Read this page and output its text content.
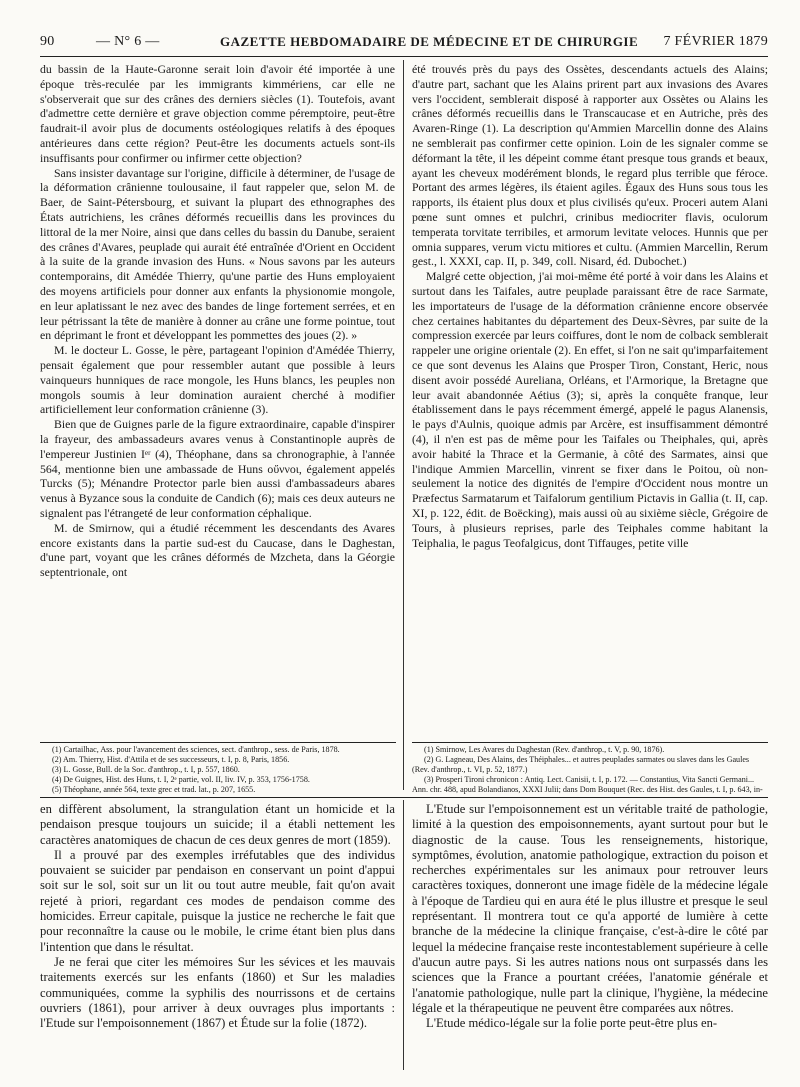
90	— N° 6 —	GAZETTE HEBDOMADAIRE DE MÉDECINE ET DE CHIRURGIE 7 FÉVRIER 1879

du bassin de la Haute-Garonne serait loin d'avoir été importée à une époque très-reculée par les immigrants kimmériens, car elle ne s'observerait que sur des crânes des derniers siècles (1). Toutefois, avant d'admettre cette dernière et grave objection comme péremptoire, peut-être faudrait-il avoir plus de documents ostéologiques relatifs à des époques antérieures dans cette région? Peut-être les documents actuels sont-ils insuffisants pour confirmer ou infirmer cette objection?

Sans insister davantage sur l'origine, difficile à déterminer, de l'usage de la déformation crânienne toulousaine, il faut rappeler que, selon M. de Baer, de Saint-Pétersbourg, et suivant la plupart des ethnographes des États autrichiens, les crânes déformés recueillis dans les provinces du littoral de la mer Noire, ainsi que dans celles du bassin du Danube, seraient des crânes d'Avares, peuplade qui aurait été entraînée d'Orient en Occident à la suite de la grande invasion des Huns. « Nous savons par les auteurs contemporains, dit Amédée Thierry, qu'une partie des Huns employaient des moyens artificiels pour donner aux enfants la physionomie mongole, en leur aplatissant le nez avec des bandes de linge fortement serrées, et en leur pétrissant la tête de manière à donner au crâne une forme pointue, tout en déprimant le front et développant les pommettes des joues (2). »

M. le docteur L. Gosse, le père, partageant l'opinion d'Amédée Thierry, pensait également que pour ressembler autant que possible à leurs vainqueurs hunniques de race mongole, les Huns blancs, les peuples non mongols soumis à leur domination auraient cherché à modifier artificiellement leur conformation crânienne (3).

Bien que de Guignes parle de la figure extraordinaire, capable d'inspirer la frayeur, des ambassadeurs avares venus à Constantinople auprès de l'empereur Justinien Iᵉʳ (4), Théophane, dans sa chronographie, à l'année 564, mentionne bien une ambassade de Huns οὔννοι, également appelés Turcks (5); Ménandre Protector parle bien aussi d'ambassadeurs abares venus à Byzance sous la conduite de Candich (6); mais ces deux auteurs ne signalent pas l'étrangeté de leur conformation céphalique.

M. de Smirnow, qui a étudié récemment les descendants des Avares encore existants dans la partie sud-est du Caucase, dans le Daghestan, d'une part, voyant que les crânes déformés de Mzcheta, dans la Géorgie septentrionale, ont

(1) Cartailhac, Ass. pour l'avancement des sciences, sect. d'anthrop., sess. de Paris, 1878.
(2) Am. Thierry, Hist. d'Attila et de ses successeurs, t. I, p. 8, Paris, 1856.
(3) L. Gosse, Bull. de la Soc. d'anthrop., t. I, p. 557, 1860.
(4) De Guignes, Hist. des Huns, t. I, 2ᵉ partie, vol. II, liv. IV, p. 353, 1756-1758.
(5) Théophane, année 564, texte grec et trad. lat., p. 207, 1655.

été trouvés près du pays des Ossètes, descendants actuels des Alains; d'autre part, sachant que les Alains prirent part aux invasions des Avares vers l'occident, semblerait disposé à rapporter aux Ossètes ou Alains les crânes déformés recueillis dans le Transcaucase et en Autriche, près des Avaren-Ringe (1). La description qu'Ammien Marcellin donne des Alains ne semblerait pas confirmer cette opinion. Loin de les signaler comme se déformant la tête, il les dépeint comme étant presque tous grands et beaux, ayant les cheveux modérément blonds, le regard plus terrible que féroce. Portant des armes légères, ils étaient agiles. Égaux des Huns sous tous les rapports, ils étaient plus doux et plus civilisés qu'eux. Proceri autem Alani pœne sunt omnes et pulchri, crinibus mediocriter flavis, oculorum temperata torvitate terribiles, et armorum levitate veloces. Hunnis que per omnia suppares, verum victu mitiores et cultu. (Ammien Marcellin, Rerum gest., l. XXXI, cap. II, p. 349, coll. Nisard, éd. Dubochet.)

Malgré cette objection, j'ai moi-même été porté à voir dans les Alains et surtout dans les Taifales, autre peuplade paraissant être de race Sarmate, les importateurs de l'usage de la déformation crânienne encore observée chez certaines habitantes du département des Deux-Sèvres, par suite de la compression exercée par leurs coiffures, dont le nom de colback semblerait rappeler une origine orientale (2). En effet, si l'on ne sait qu'imparfaitement ce que sont devenus les Alains que Prosper Tiron, Constant, Heric, nous disent avoir possédé Aureliana, Orléans, et l'Armorique, la Bretagne que leur avait abandonnée Aétius (3); si, après la conquête franque, leur établissement dans le pays récemment émergé, appelé le pagus Alanensis, le pays d'Aulnis, quoique admis par Arcère, est insuffisamment démontré (4), il n'en est pas de même pour les Taifales ou Theiphales, qui, après avoir habité la Thrace et la Germanie, à côté des Sarmates, ainsi que l'indique Ammien Marcellin, vinrent se fixer dans le Poitou, où non-seulement la notice des dignités de l'empire d'Occident nous montre un Præfectus Sarmatarum et Taifalorum gentilium Pictavis in Gallia (t. II, cap. XI, p. 122, édit. de Boëcking), mais aussi où au sixième siècle, Grégoire de Tours, à plusieurs reprises, parle des Teiphales comme habitant la Teiphalia, le pagus Teofalgicus, dont Tiffauges, petite ville

(1) Smirnow, Les Avares du Daghestan (Rev. d'anthrop., t. V, p. 90, 1876).
(2) G. Lagneau, Des Alains, des Théiphales... et autres peuplades sarmates ou slaves dans les Gaules (Rev. d'anthrop., t. VI, p. 52, 1877.)
(3) Prosperi Tironi chronicon : Antiq. Lect. Canisii, t. I, p. 172. — Constantius, Vita Sancti Germani... Ann. chr. 488, apud Bolandianos, XXXI Julii; dans Dom Bouquet (Rec. des Hist. des Gaules, t. I, p. 643, in-

en diffèrent absolument, la strangulation étant un homicide et la pendaison presque toujours un suicide; il a établi nettement les caractères anatomiques de chacun de ces deux genres de mort (1859).

Il a prouvé par des exemples irréfutables que des individus pouvaient se suicider par pendaison en conservant un point d'appui soit sur le sol, soit sur un lit ou tout autre meuble, fait qu'on avait rejeté à priori, regardant ces modes de pendaison comme des homicides. Erreur capitale, puisque la justice ne recherche le fait que pour reconnaître la cause ou le mobile, le crime étant bien plus dans l'intention que dans le résultat.

Je ne ferai que citer les mémoires Sur les sévices et les mauvais traitements exercés sur les enfants (1860) et Sur les maladies communiquées, comme la syphilis des nourrissons et de certains ouvriers (1861), pour arriver à deux ouvrages plus importants : l'Etude sur l'empoisonnement (1867) et Étude sur la folie (1872).

L'Etude sur l'empoisonnement est un véritable traité de pathologie, limité à la question des empoisonnements, ayant surtout pour but le diagnostic de la cause. Tous les renseignements, historique, symptômes, évolution, anatomie pathologique, extraction du poison et recherches expérimentales sur les animaux pour retrouver leurs caractères toxiques, donneront une image fidèle de la médecine légale à l'époque de Tardieu qui en aura été le plus illustre et presque le seul représentant. Il montrera tout ce qu'a apporté de lumière à cette branche de la médecine la clinique française, c'est-à-dire le côté par lequel la médecine française reste incontestablement supérieure à celle d'aucun autre pays. Si les autres nations nous ont surpassés dans les sciences que la France a pourtant créées, l'anatomie générale et l'anatomie pathologique, nulle part la clinique, l'hygiène, la médecine légale et la thérapeutique ne peuvent être comparées aux nôtres.

L'Etude médico-légale sur la folie porte peut-être plus en-
